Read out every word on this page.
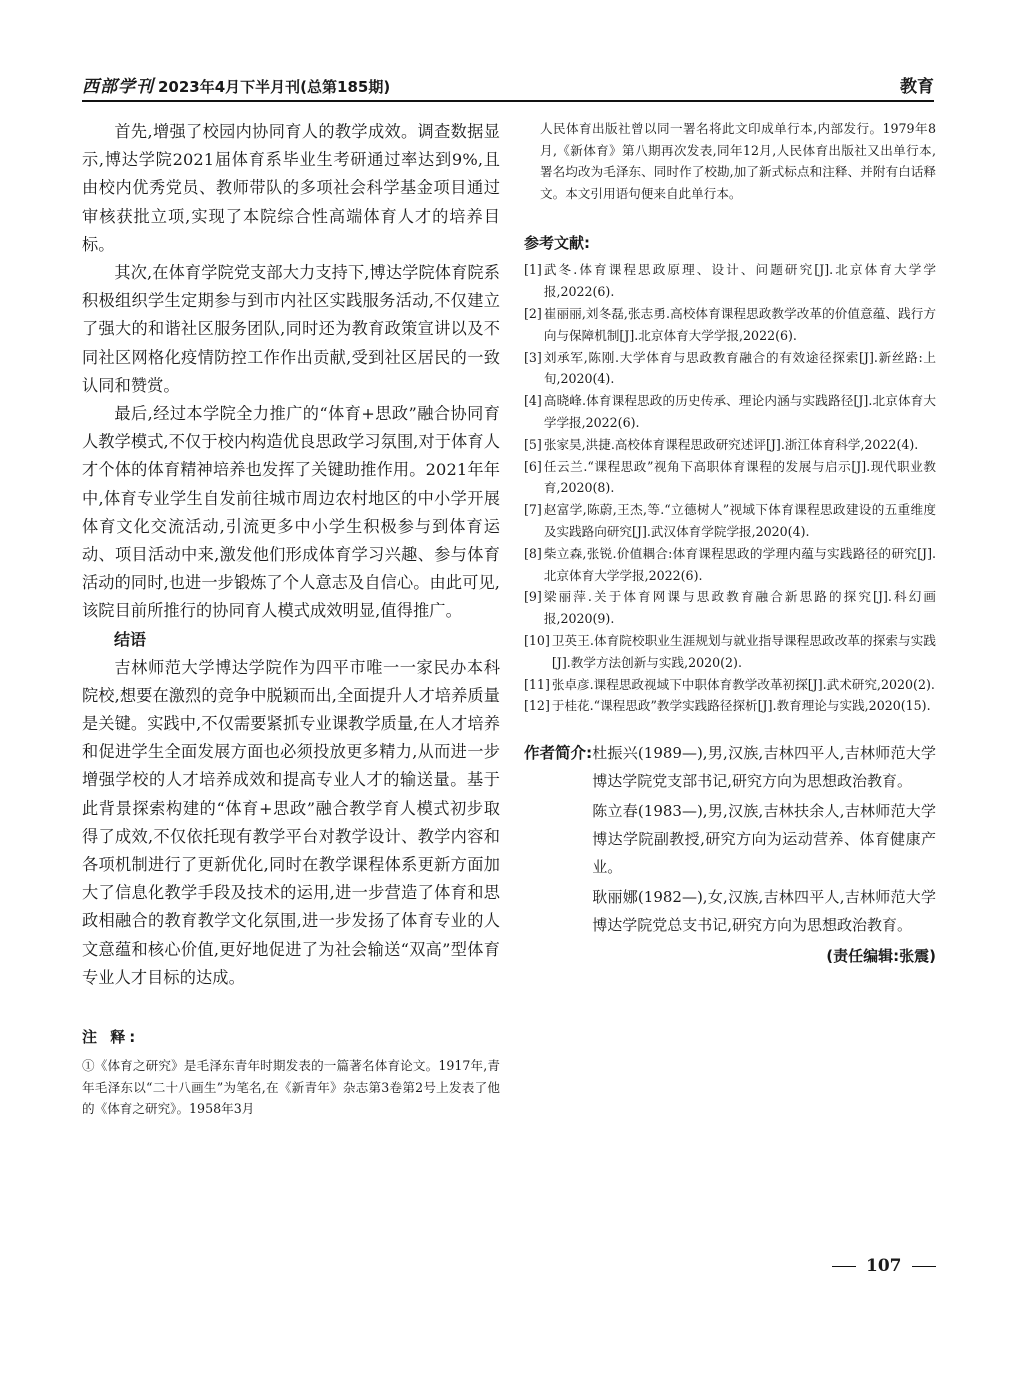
西部学刊 2023年4月下半月刊(总第185期)	教育

首先,增强了校园内协同育人的教学成效。调查数据显示,博达学院2021届体育系毕业生考研通过率达到9%,且由校内优秀党员、教师带队的多项社会科学基金项目通过审核获批立项,实现了本院综合性高端体育人才的培养目标。

其次,在体育学院党支部大力支持下,博达学院体育院系积极组织学生定期参与到市内社区实践服务活动,不仅建立了强大的和谐社区服务团队,同时还为教育政策宣讲以及不同社区网格化疫情防控工作作出贡献,受到社区居民的一致认同和赞赏。

最后,经过本学院全力推广的“体育+思政”融合协同育人教学模式,不仅于校内构造优良思政学习氛围,对于体育人才个体的体育精神培养也发挥了关键助推作用。2021年年中,体育专业学生自发前往城市周边农村地区的中小学开展体育文化交流活动,引流更多中小学生积极参与到体育运动、项目活动中来,激发他们形成体育学习兴趣、参与体育活动的同时,也进一步锻炼了个人意志及自信心。由此可见,该院目前所推行的协同育人模式成效明显,值得推广。

结语

吉林师范大学博达学院作为四平市唯一一家民办本科院校,想要在激烈的竞争中脱颖而出,全面提升人才培养质量是关键。实践中,不仅需要紧抓专业课教学质量,在人才培养和促进学生全面发展方面也必须投放更多精力,从而进一步增强学校的人才培养成效和提高专业人才的输送量。基于此背景探索构建的“体育+思政”融合教学育人模式初步取得了成效,不仅依托现有教学平台对教学设计、教学内容和各项机制进行了更新优化,同时在教学课程体系更新方面加大了信息化教学手段及技术的运用,进一步营造了体育和思政相融合的教育教学文化氛围,进一步发扬了体育专业的人文意蕴和核心价值,更好地促进了为社会输送“双高”型体育专业人才目标的达成。

注 释:

①《体育之研究》是毛泽东青年时期发表的一篇著名体育论文。1917年,青年毛泽东以“二十八画生”为笔名,在《新青年》杂志第3卷第2号上发表了他的《体育之研究》。1958年3月

人民体育出版社曾以同一署名将此文印成单行本,内部发行。1979年8月,《新体育》第八期再次发表,同年12月,人民体育出版社又出单行本,署名均改为毛泽东、同时作了校勘,加了新式标点和注释、并附有白话释文。本文引用语句便来自此单行本。

参考文献:
[1] 武冬.体育课程思政原理、设计、问题研究[J].北京体育大学学报,2022(6).
[2] 崔丽丽,刘冬磊,张志勇.高校体育课程思政教学改革的价值意蕴、践行方向与保障机制[J].北京体育大学学报,2022(6).
[3] 刘承军,陈刚.大学体育与思政教育融合的有效途径探索[J].新丝路:上旬,2020(4).
[4] 高晓峰.体育课程思政的历史传承、理论内涵与实践路径[J].北京体育大学学报,2022(6).
[5] 张家昊,洪捷.高校体育课程思政研究述评[J].浙江体育科学,2022(4).
[6] 任云兰.“课程思政”视角下高职体育课程的发展与启示[J].现代职业教育,2020(8).
[7] 赵富学,陈蔚,王杰,等.“立德树人”视域下体育课程思政建设的五重维度及实践路向研究[J].武汉体育学院学报,2020(4).
[8] 柴立森,张锐.价值耦合:体育课程思政的学理内蕴与实践路径的研究[J].北京体育大学学报,2022(6).
[9] 梁丽萍.关于体育网课与思政教育融合新思路的探究[J].科幻画报,2020(9).
[10] 卫英王.体育院校职业生涯规划与就业指导课程思政改革的探索与实践[J].教学方法创新与实践,2020(2).
[11] 张卓彦.课程思政视域下中职体育教学改革初探[J].武术研究,2020(2).
[12] 于桂花.“课程思政”教学实践路径探析[J].教育理论与实践,2020(15).
作者简介: 杜振兴(1989—),男,汉族,吉林四平人,吉林师范大学博达学院党支部书记,研究方向为思想政治教育。

陈立春(1983—),男,汉族,吉林扶余人,吉林师范大学博达学院副教授,研究方向为运动营养、体育健康产业。

耿丽娜(1982—),女,汉族,吉林四平人,吉林师范大学博达学院党总支书记,研究方向为思想政治教育。

(责任编辑:张震)
107
